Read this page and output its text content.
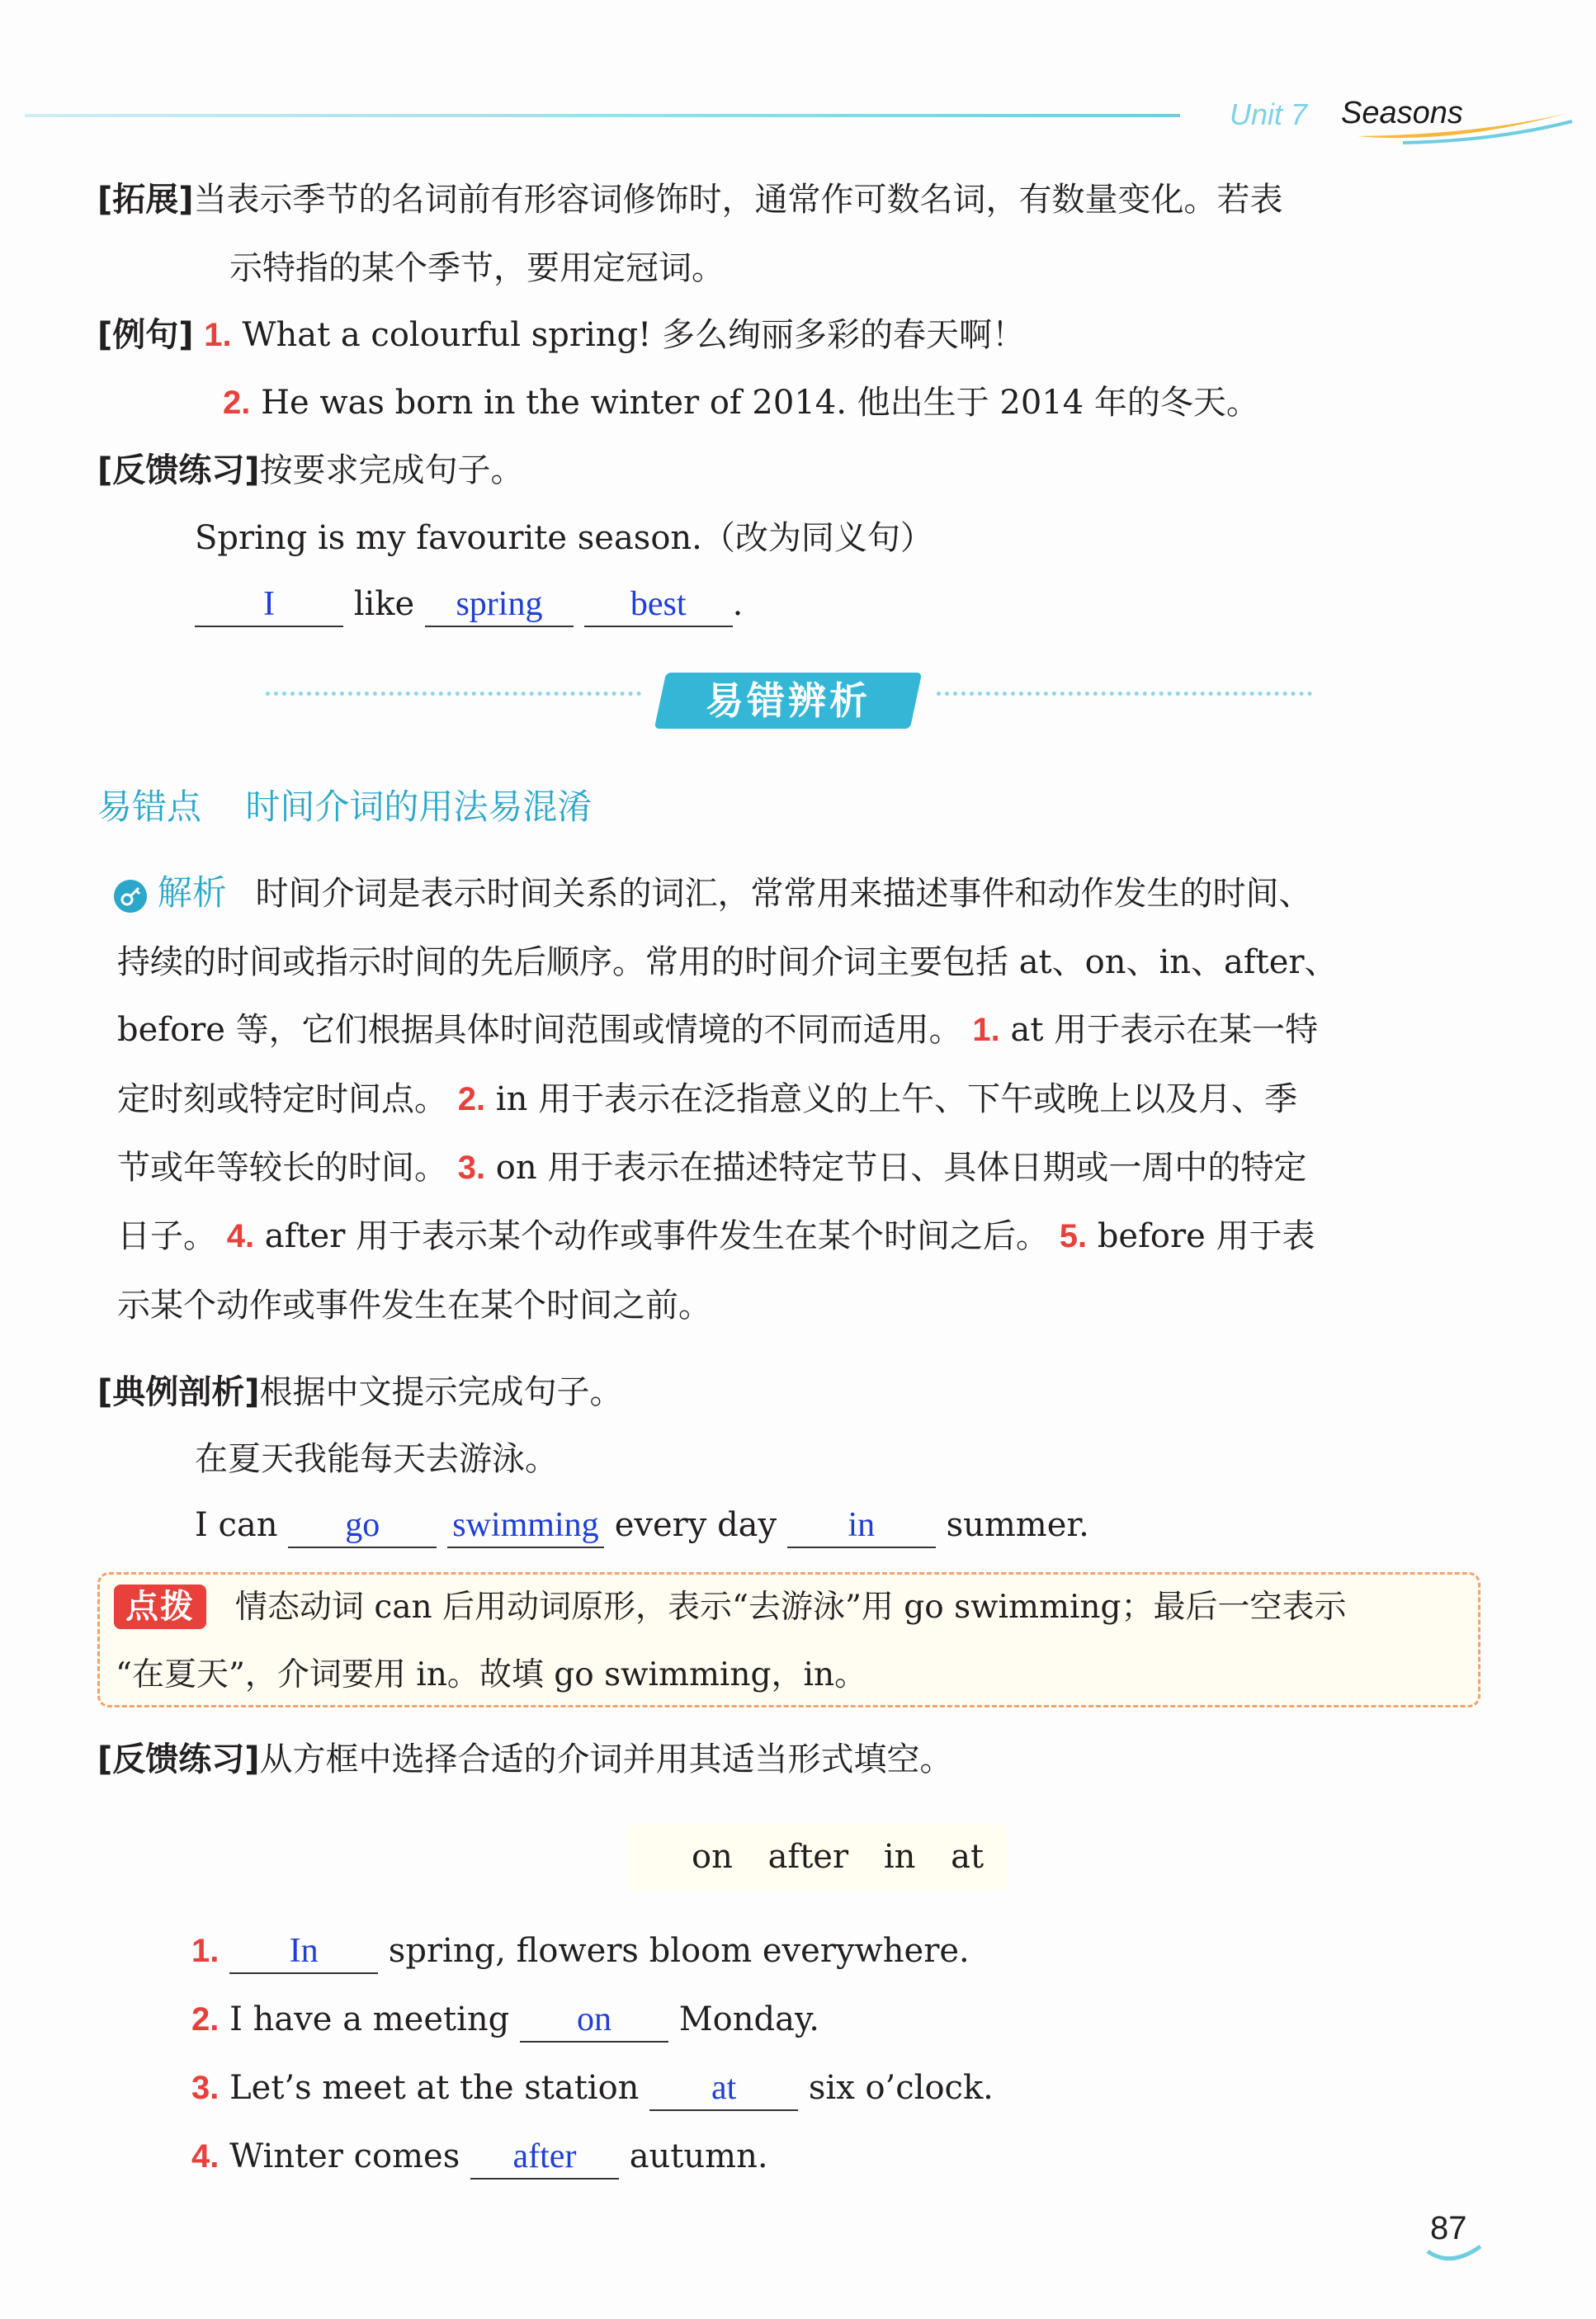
Unit 7 Seasons
[拓展]当表示季节的名词前有形容词修饰时，通常作可数名词，有数量变化。若表
示特指的某个季节，要用定冠词。
[例句] 1. What a colourful spring! 多么绚丽多彩的春天啊！
2. He was born in the winter of 2014. 他出生于 2014 年的冬天。
[反馈练习]按要求完成句子。
Spring is my favourite season.（改为同义句）
I like spring	best .
易错辨析
易错点 时间介词的用法易混淆
解析 时间介词是表示时间关系的词汇，常常用来描述事件和动作发生的时间、
持续的时间或指示时间的先后顺序。常用的时间介词主要包括 at、on、in、after、
before 等，它们根据具体时间范围或情境的不同而适用。 1. at 用于表示在某一特
定时刻或特定时间点。 2. in 用于表示在泛指意义的上午、下午或晚上以及月、季
节或年等较长的时间。 3. on 用于表示在描述特定节日、具体日期或一周中的特定
日子。 4. after 用于表示某个动作或事件发生在某个时间之后。 5. before 用于表
示某个动作或事件发生在某个时间之前。
[典例剖析]根据中文提示完成句子。
在夏天我能每天去游泳。
I can go swimming every day in summer.
点拨	情态动词 can 后用动词原形，表示“去游泳”用 go swimming；最后一空表示
“在夏天”，介词要用 in。故填 go swimming，in。
[反馈练习]从方框中选择合适的介词并用其适当形式填空。
on after in at
1. In spring, flowers bloom everywhere.
2. I have a meeting on Monday.
3. Let’s meet at the station at six o’clock.
4. Winter comes after autumn.
87
